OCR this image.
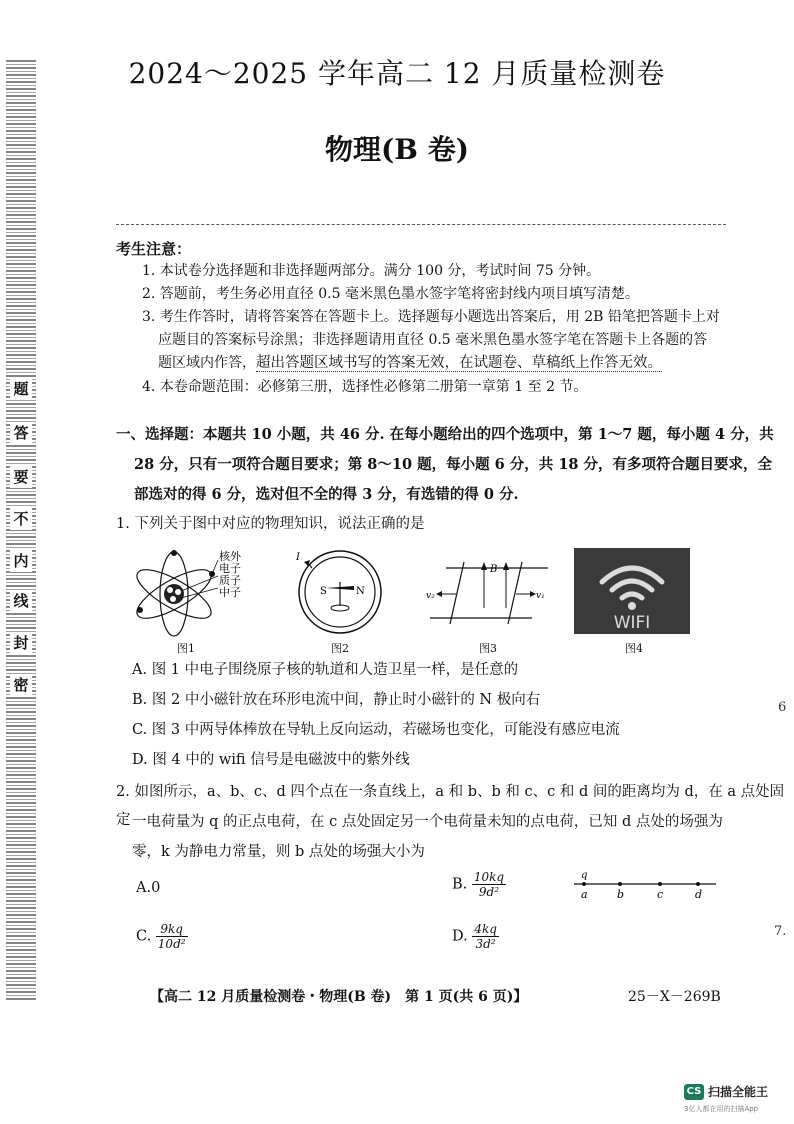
题
答
要
不
内
线
封
密
2024～2025 学年高二 12 月质量检测卷
物理(B 卷)
考生注意：
1. 本试卷分选择题和非选择题两部分。满分 100 分，考试时间 75 分钟。
2. 答题前，考生务必用直径 0.5 毫米黑色墨水签字笔将密封线内项目填写清楚。
3. 考生作答时，请将答案答在答题卡上。选择题每小题选出答案后，用 2B 铅笔把答题卡上对
应题目的答案标号涂黑；非选择题请用直径 0.5 毫米黑色墨水签字笔在答题卡上各题的答
题区域内作答，超出答题区域书写的答案无效，在试题卷、草稿纸上作答无效。
4. 本卷命题范围：必修第三册，选择性必修第二册第一章第 1 至 2 节。
一、选择题：本题共 10 小题，共 46 分. 在每小题给出的四个选项中，第 1～7 题，每小题 4 分，共
28 分，只有一项符合题目要求；第 8～10 题，每小题 6 分，共 18 分，有多项符合题目要求，全
部选对的得 6 分，选对但不全的得 3 分，有选错的得 0 分.
1. 下列关于图中对应的物理知识，说法正确的是
核外
电子
质子
中子
图1
I
S	N
图2
B
v₂	v₁
图3
WIFI
图4
A. 图 1 中电子围绕原子核的轨道和人造卫星一样，是任意的
B. 图 2 中小磁针放在环形电流中间，静止时小磁针的 N 极向右
C. 图 3 中两导体棒放在导轨上反向运动，若磁场也变化，可能没有感应电流
D. 图 4 中的 wifi 信号是电磁波中的紫外线
2. 如图所示，a、b、c、d 四个点在一条直线上，a 和 b、b 和 c、c 和 d 间的距离均为 d，在 a 点处固定 一电荷量为 q 的正点电荷，在 c 点处固定另一个电荷量未知的点电荷，已知 d 点处的场强为
零，k 为静电力常量，则 b 点处的场强大小为
A.0	B. $\frac{10kq}{\text{9d²}}$
C. $\frac{9kq}{\text{10d²}}$	D. $\frac{4kq}{\text{3d²}}$
q
a	b	c	d
6
7.
【高二 12 月质量检测卷・物理(B 卷)　第 1 页(共 6 页)】	25－X－269B
CS 扫描全能王
3亿人都在用的扫描App
